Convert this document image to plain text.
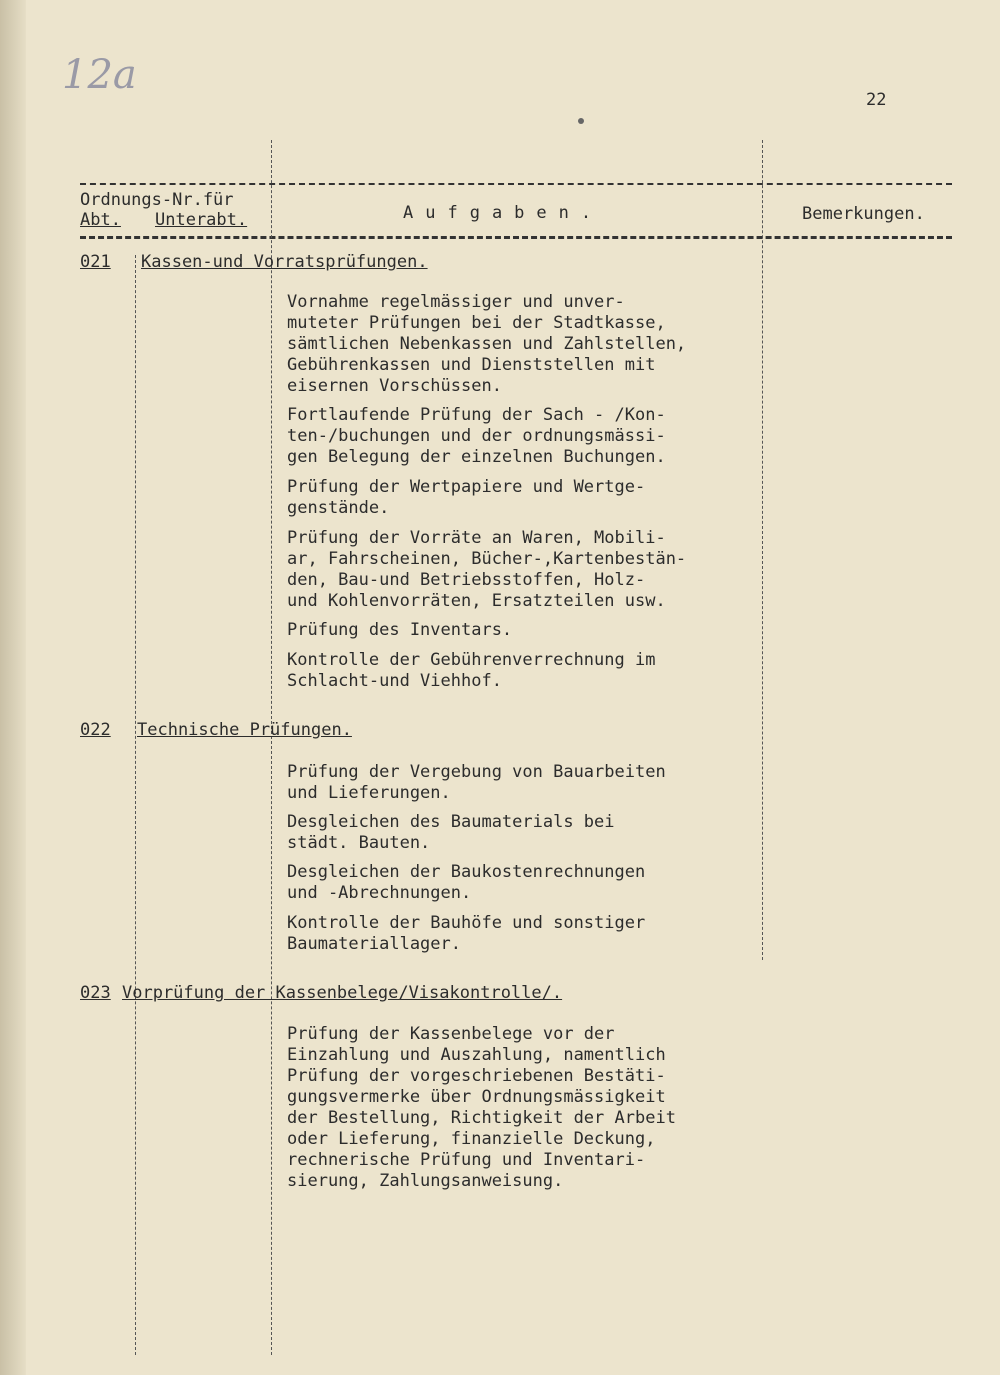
12a
22
Ordnungs-Nr.für
Abt. Unterabt.	Aufgaben.	Bemerkungen.
021 Kassen-und Vorratsprüfungen.
Vornahme regelmässiger und unver-
muteter Prüfungen bei der Stadtkasse,
sämtlichen Nebenkassen und Zahlstellen,
Gebührenkassen und Dienststellen mit
eisernen Vorschüssen.
Fortlaufende Prüfung der Sach - /Kon-
ten-/buchungen und der ordnungsmässi-
gen Belegung der einzelnen Buchungen.
Prüfung der Wertpapiere und Wertge-
genstände.
Prüfung der Vorräte an Waren, Mobili-
ar, Fahrscheinen, Bücher-,Kartenbestän-
den, Bau-und Betriebsstoffen, Holz-
und Kohlenvorräten, Ersatzteilen usw.
Prüfung des Inventars.
Kontrolle der Gebührenverrechnung im
Schlacht-und Viehhof.
022 Technische Prüfungen.
Prüfung der Vergebung von Bauarbeiten
und Lieferungen.
Desgleichen des Baumaterials bei
städt. Bauten.
Desgleichen der Baukostenrechnungen
und -Abrechnungen.
Kontrolle der Bauhöfe und sonstiger
Baumateriallager.
023 Vorprüfung der Kassenbelege/Visakontrolle/.
Prüfung der Kassenbelege vor der
Einzahlung und Auszahlung, namentlich
Prüfung der vorgeschriebenen Bestäti-
gungsvermerke über Ordnungsmässigkeit
der Bestellung, Richtigkeit der Arbeit
oder Lieferung, finanzielle Deckung,
rechnerische Prüfung und Inventari-
sierung, Zahlungsanweisung.
